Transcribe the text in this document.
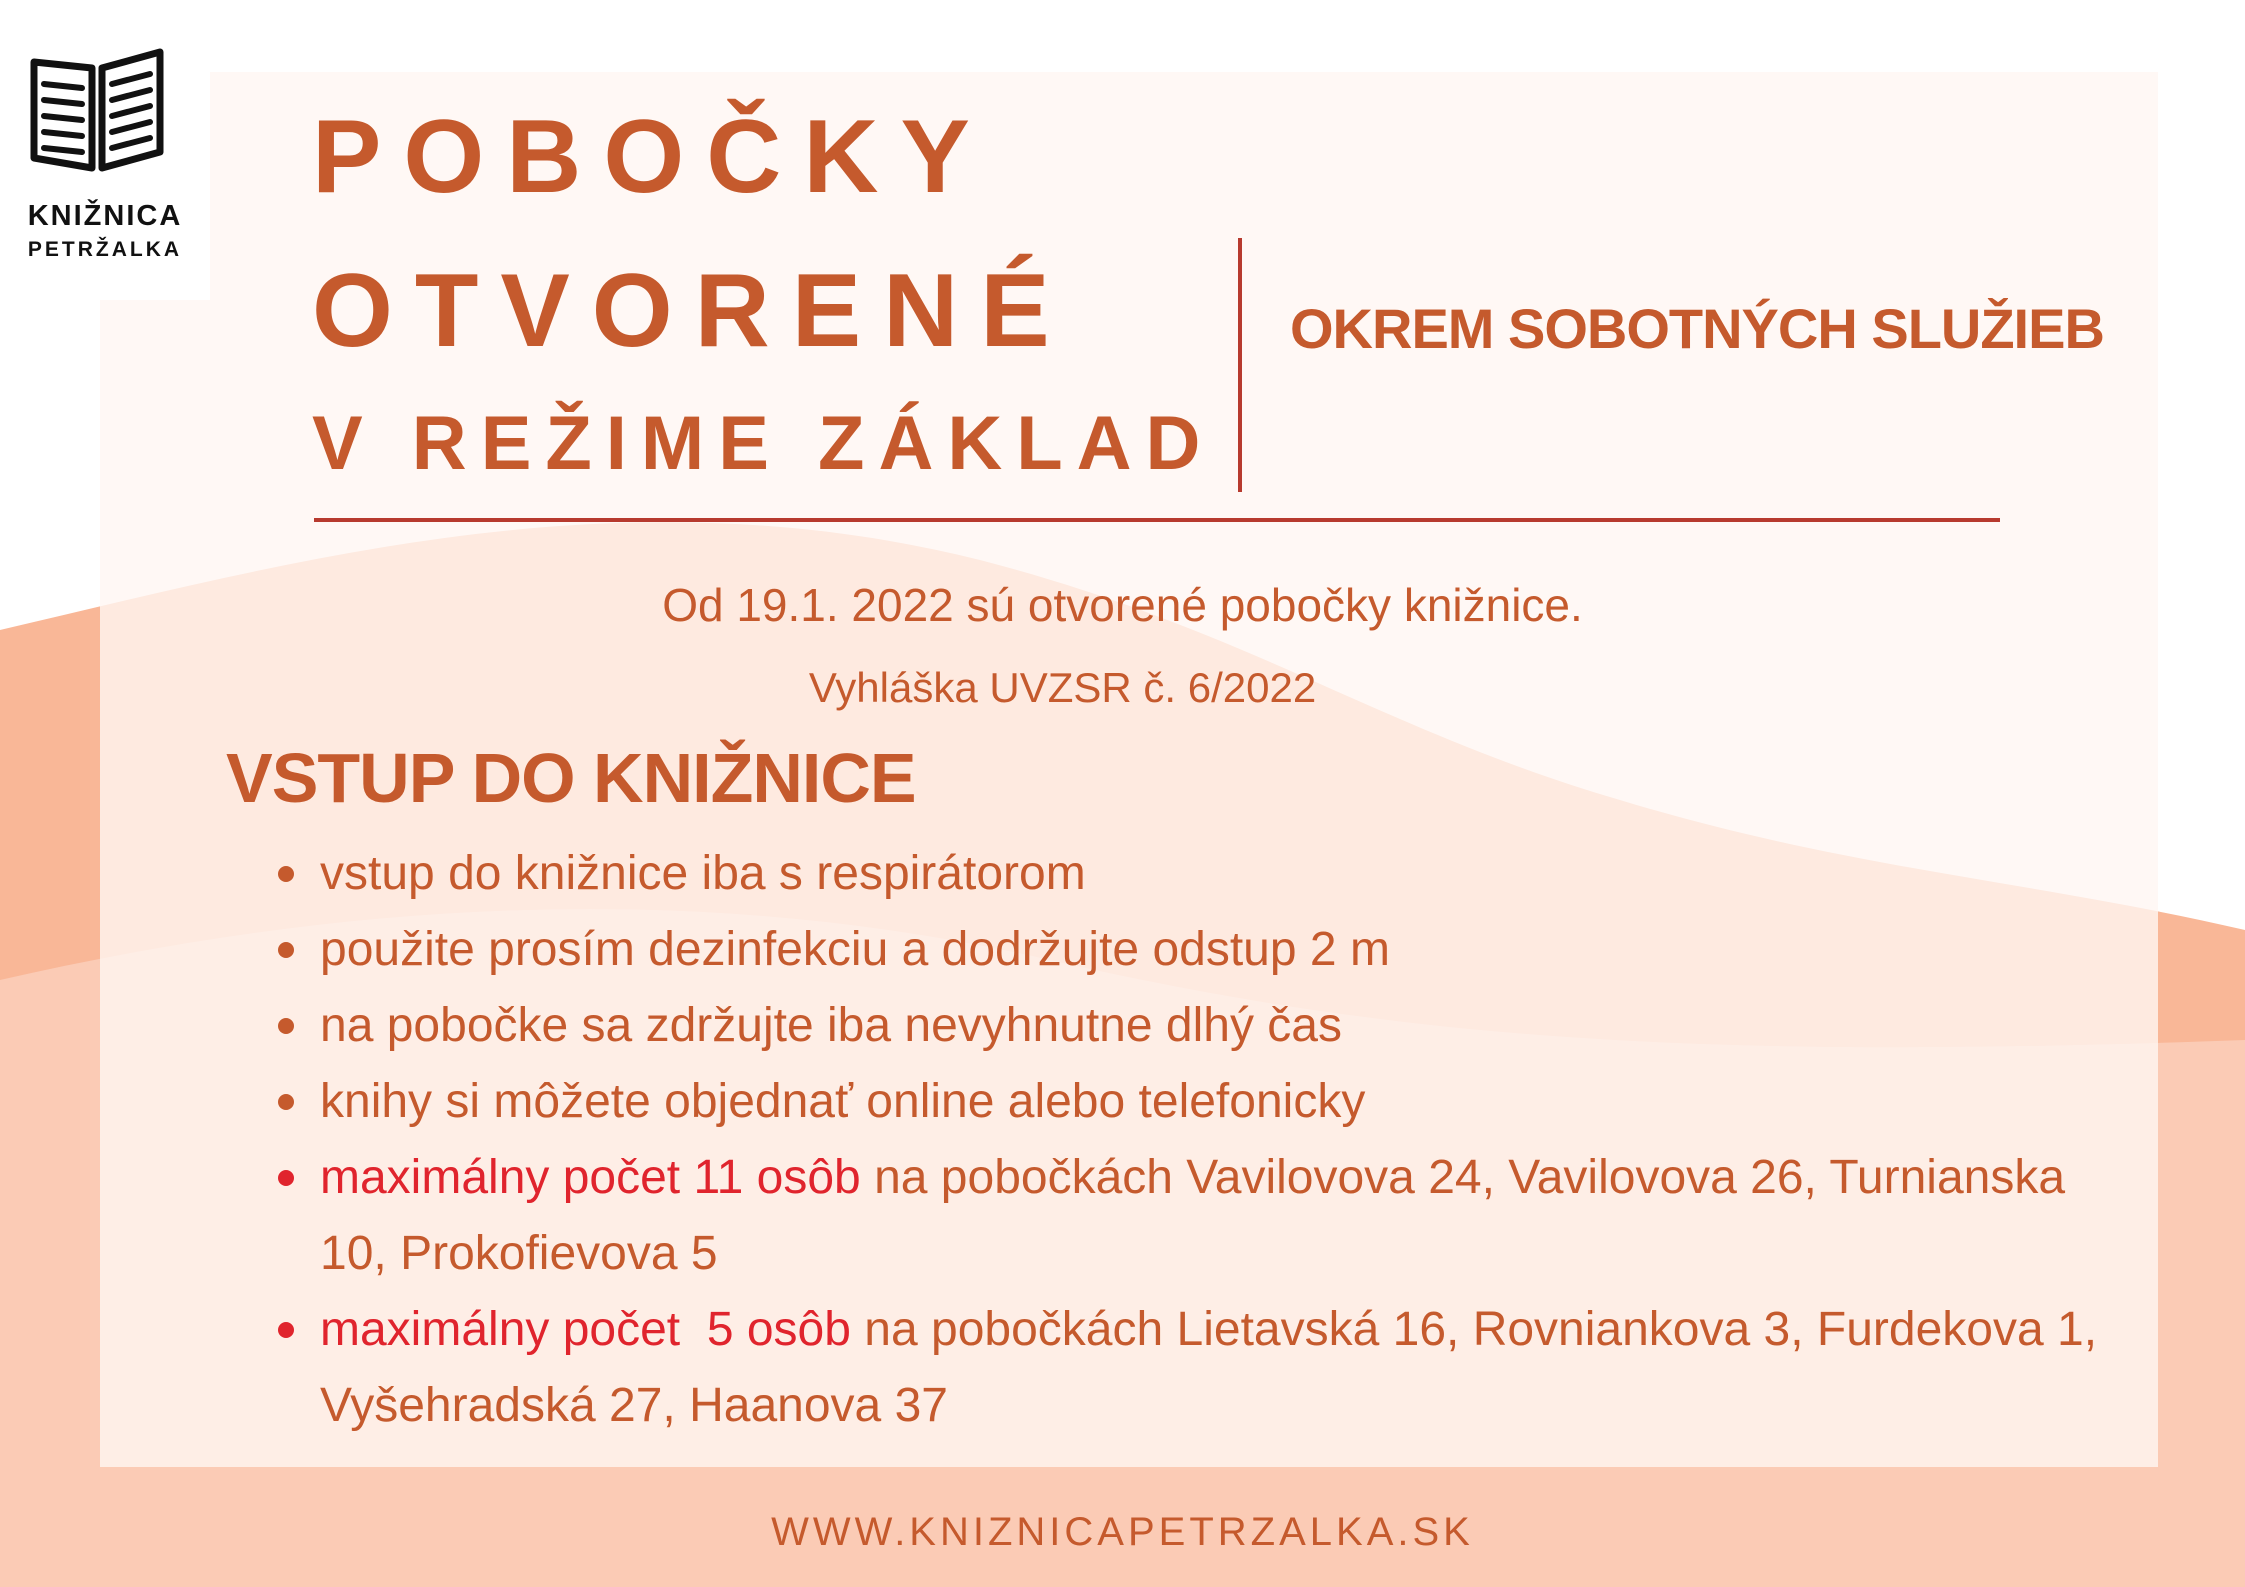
KNIŽNICA
PETRŽALKA
POBOČKY
OTVORENÉ
V REŽIME ZÁKLAD
OKREM SOBOTNÝCH SLUŽIEB
Od 19.1. 2022 sú otvorené pobočky knižnice.
Vyhláška UVZSR č. 6/2022
VSTUP DO KNIŽNICE
vstup do knižnice iba s respirátorom
použite prosím dezinfekciu a dodržujte odstup 2 m
na pobočke sa zdržujte iba nevyhnutne dlhý čas
knihy si môžete objednať online alebo telefonicky
maximálny počet 11 osôb na pobočkách Vavilovova 24, Vavilovova 26, Turnianska 10, Prokofievova 5
maximálny počet  5 osôb na pobočkách Lietavská 16, Rovniankova 3, Furdekova 1, Vyšehradská 27, Haanova 37
WWW.KNIZNICAPETRZALKA.SK
